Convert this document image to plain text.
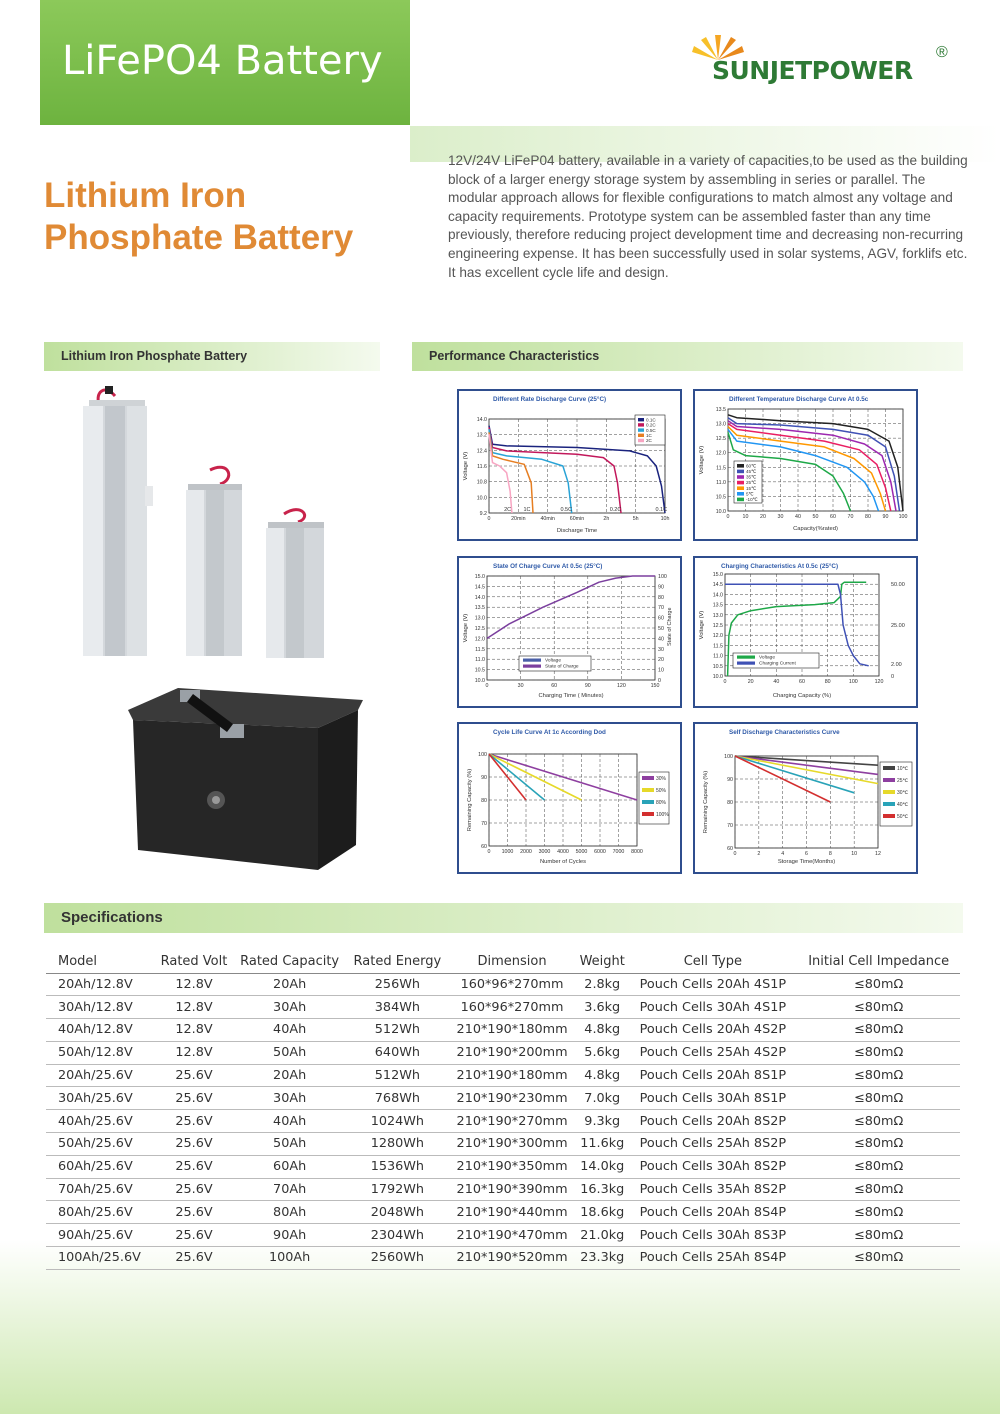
LiFePO4 Battery	SUNJETPOWER
®
Lithium Iron
Phosphate Battery

12V/24V LiFeP04 battery, available in a variety of capacities,to be used as the building block of a larger energy storage system by assembling in series or parallel. The modular approach allows for flexible configurations to match almost any voltage and capacity requirements. Prototype system can be assembled faster than any time previously, therefore reducing project development time and decreasing non-recurring engineering expense. It has been successfully used in solar systems, AGV, forklifs etc. It has excellent cycle life and design.

Lithium Iron Phosphate Battery	Performance Characteristics
Different Rate Discharge Curve (25°C)
14.0
13.2
12.4
11.6
10.8
10.0
9.2
0	20min	40min	60min	2h	5h	10h
Discharge Time
Voltage (V)
2C 1C	0.5C	0.2C	0.1C
0.1C
0.2C
0.5C
1C
2C
Different Temperature Discharge Curve At 0.5c
13.5
13.0
12.5
12.0
11.5
11.0
10.5
10.0
0 10 20 30 40 50 60 70 80 90 100
Capacity(%rated)
Voltage (V)	60℃
45℃
35℃
25℃
15℃
5℃
-10℃
State Of Charge Curve At 0.5c (25°C)
15.0
14.5
14.0
13.5
13.0
12.5
12.0
11.5
11.0
10.5
10.0
0	30	60	90	120	150
100
90
80
70
60
50
40
30
20
10
0
State of Charge
Charging Time ( Minutes)
Voltage (V)
Voltage
State of Charge
Charging Characteristics At 0.5c (25°C)
15.0
14.5
14.0
13.5
13.0
12.5
12.0
11.5
11.0
10.5
10.0
0	20	40	60	80	100	120
50.00
25.00
2.00
0
Charging Capacity (%)
Voltage (V)
Voltage
Charging Current
Cycle Life Curve At 1c According Dod
100
90
80
70
60
0 1000 2000 3000 4000 5000 6000 7000 8000
Number of Cycles
Remaining Capacity (%)	30%
50%
80%
100%
Self Discharge Characteristics Curve
100
90
80
70
60
0	2	4	6	8	10	12
Storage Time(Months)
Remaining Capacity (%)
10℃
25℃
30℃
40℃
50℃
Specifications
Model	Rated Volt	Rated Capacity	Rated Energy	Dimension	Weight	Cell Type	Initial Cell Impedance
20Ah/12.8V	12.8V	20Ah	256Wh	160*96*270mm	2.8kg	Pouch Cells 20Ah 4S1P	≤80mΩ
30Ah/12.8V	12.8V	30Ah	384Wh	160*96*270mm	3.6kg	Pouch Cells 30Ah 4S1P	≤80mΩ
40Ah/12.8V	12.8V	40Ah	512Wh	210*190*180mm	4.8kg	Pouch Cells 20Ah 4S2P	≤80mΩ
50Ah/12.8V	12.8V	50Ah	640Wh	210*190*200mm	5.6kg	Pouch Cells 25Ah 4S2P	≤80mΩ
20Ah/25.6V	25.6V	20Ah	512Wh	210*190*180mm	4.8kg	Pouch Cells 20Ah 8S1P	≤80mΩ
30Ah/25.6V	25.6V	30Ah	768Wh	210*190*230mm	7.0kg	Pouch Cells 30Ah 8S1P	≤80mΩ
40Ah/25.6V	25.6V	40Ah	1024Wh	210*190*270mm	9.3kg	Pouch Cells 20Ah 8S2P	≤80mΩ
50Ah/25.6V	25.6V	50Ah	1280Wh	210*190*300mm	11.6kg	Pouch Cells 25Ah 8S2P	≤80mΩ
60Ah/25.6V	25.6V	60Ah	1536Wh	210*190*350mm	14.0kg	Pouch Cells 30Ah 8S2P	≤80mΩ
70Ah/25.6V	25.6V	70Ah	1792Wh	210*190*390mm	16.3kg	Pouch Cells 35Ah 8S2P	≤80mΩ
80Ah/25.6V	25.6V	80Ah	2048Wh	210*190*440mm	18.6kg	Pouch Cells 20Ah 8S4P	≤80mΩ
90Ah/25.6V	25.6V	90Ah	2304Wh	210*190*470mm	21.0kg	Pouch Cells 30Ah 8S3P	≤80mΩ
100Ah/25.6V	25.6V	100Ah	2560Wh	210*190*520mm	23.3kg	Pouch Cells 25Ah 8S4P	≤80mΩ
